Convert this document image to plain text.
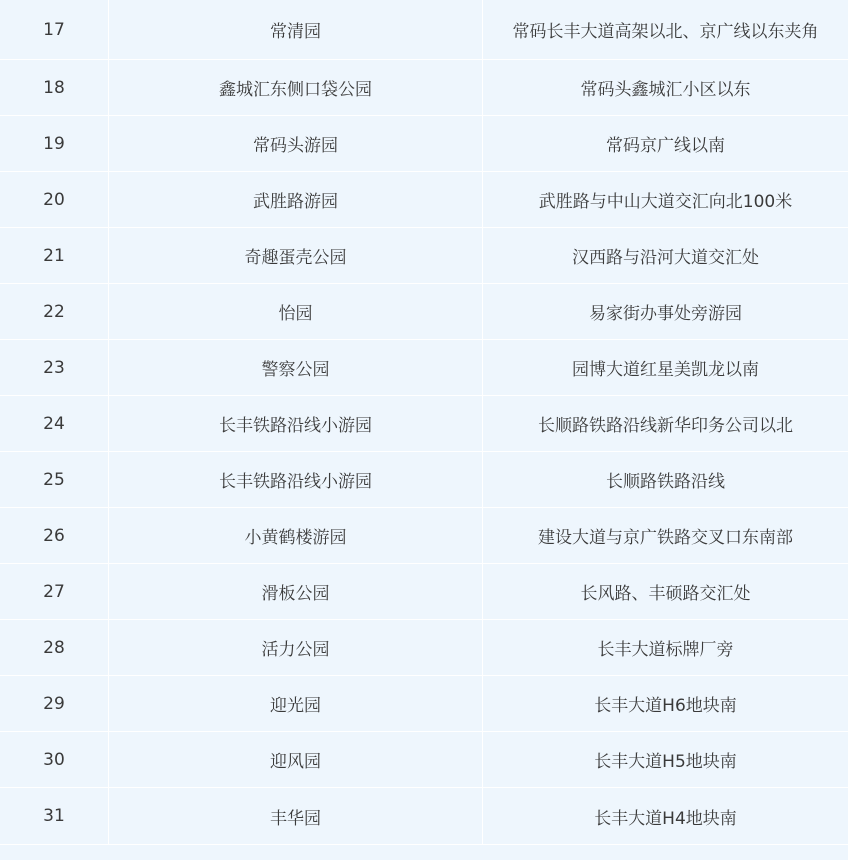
17	常清园	常码长丰大道高架以北、京广线以东夹角
18	鑫城汇东侧口袋公园	常码头鑫城汇小区以东
19	常码头游园	常码京广线以南
20	武胜路游园	武胜路与中山大道交汇向北100米
21	奇趣蛋壳公园	汉西路与沿河大道交汇处
22	怡园	易家街办事处旁游园
23	警察公园	园博大道红星美凯龙以南
24	长丰铁路沿线小游园	长顺路铁路沿线新华印务公司以北
25	长丰铁路沿线小游园	长顺路铁路沿线
26	小黄鹤楼游园	建设大道与京广铁路交叉口东南部
27	滑板公园	长风路、丰硕路交汇处
28	活力公园	长丰大道标牌厂旁
29	迎光园	长丰大道H6地块南
30	迎风园	长丰大道H5地块南
31	丰华园	长丰大道H4地块南
